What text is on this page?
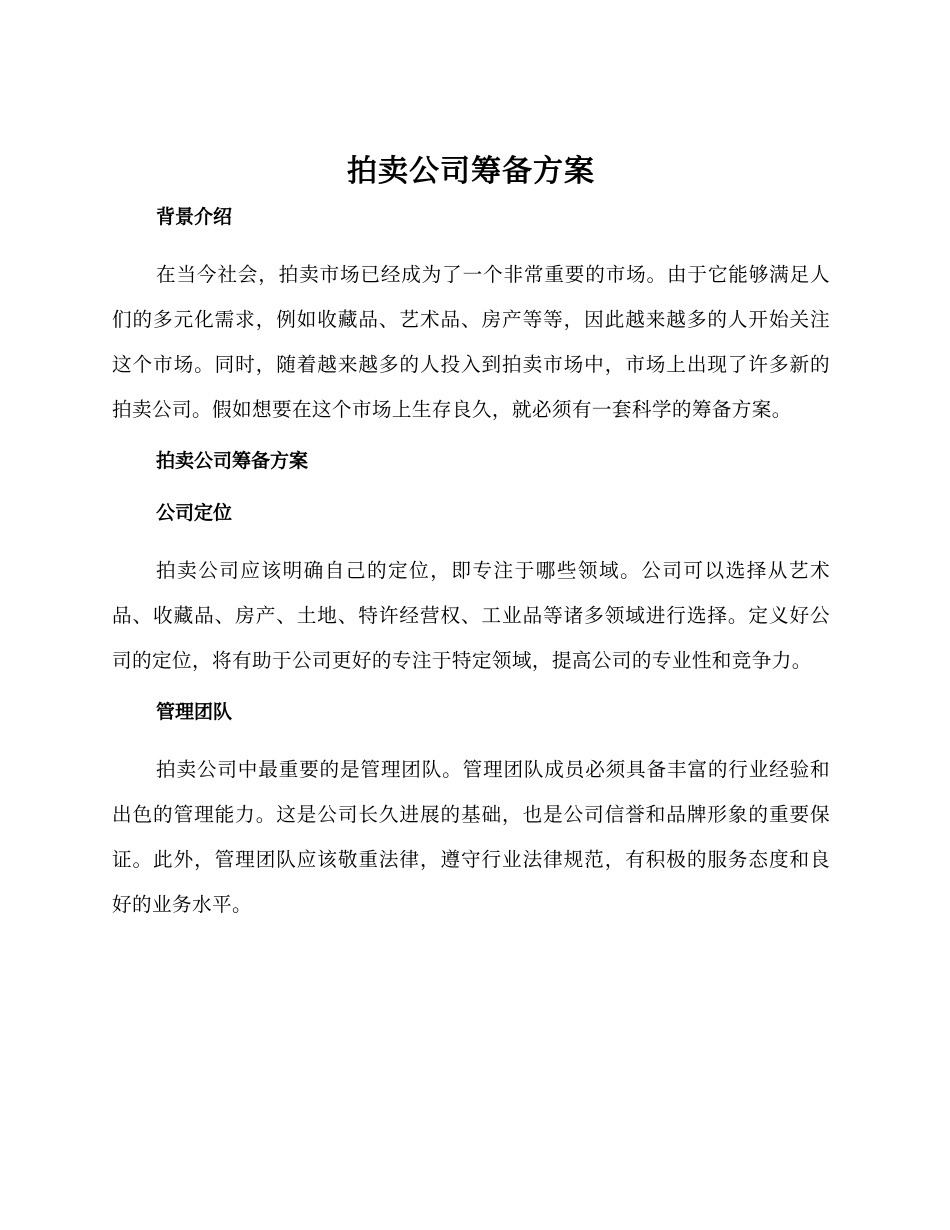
拍卖公司筹备方案
背景介绍

在当今社会，拍卖市场已经成为了一个非常重要的市场。由于它能够满足人们的多元化需求，例如收藏品、艺术品、房产等等，因此越来越多的人开始关注这个市场。同时，随着越来越多的人投入到拍卖市场中，市场上出现了许多新的拍卖公司。假如想要在这个市场上生存良久，就必须有一套科学的筹备方案。

拍卖公司筹备方案
公司定位

拍卖公司应该明确自己的定位，即专注于哪些领域。公司可以选择从艺术品、收藏品、房产、土地、特许经营权、工业品等诸多领域进行选择。定义好公司的定位，将有助于公司更好的专注于特定领域，提高公司的专业性和竞争力。

管理团队

拍卖公司中最重要的是管理团队。管理团队成员必须具备丰富的行业经验和出色的管理能力。这是公司长久进展的基础，也是公司信誉和品牌形象的重要保证。此外，管理团队应该敬重法律，遵守行业法律规范，有积极的服务态度和良好的业务水平。
